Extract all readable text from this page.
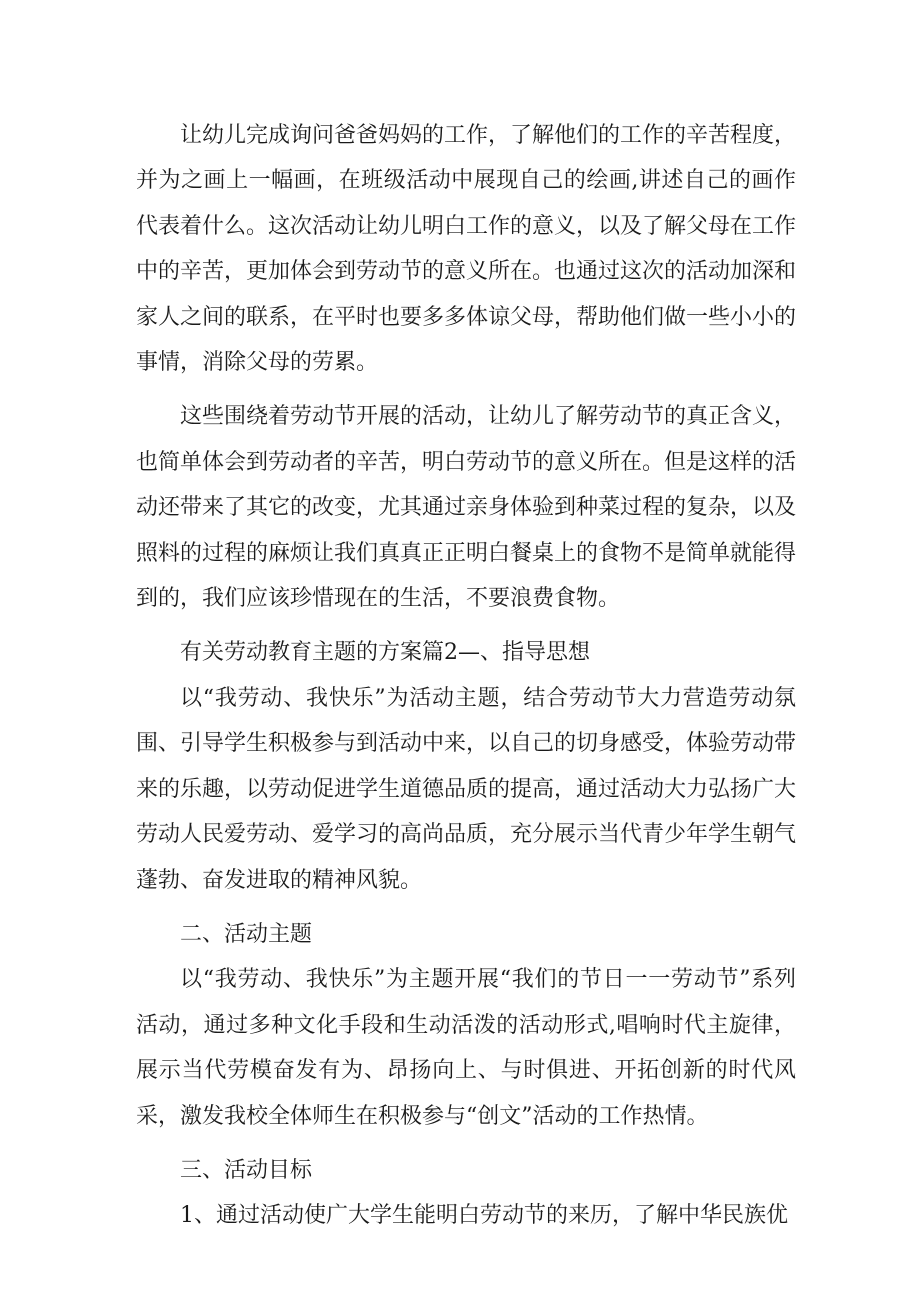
让幼儿完成询问爸爸妈妈的工作，了解他们的工作的辛苦程度，并为之画上一幅画，在班级活动中展现自己的绘画,讲述自己的画作代表着什么。这次活动让幼儿明白工作的意义，以及了解父母在工作中的辛苦，更加体会到劳动节的意义所在。也通过这次的活动加深和家人之间的联系，在平时也要多多体谅父母，帮助他们做一些小小的事情，消除父母的劳累。

这些围绕着劳动节开展的活动，让幼儿了解劳动节的真正含义，也简单体会到劳动者的辛苦，明白劳动节的意义所在。但是这样的活动还带来了其它的改变，尤其通过亲身体验到种菜过程的复杂，以及照料的过程的麻烦让我们真真正正明白餐桌上的食物不是简单就能得到的，我们应该珍惜现在的生活，不要浪费食物。

有关劳动教育主题的方案篇2—、指导思想

以“我劳动、我快乐”为活动主题，结合劳动节大力营造劳动氛围、引导学生积极参与到活动中来，以自己的切身感受，体验劳动带来的乐趣，以劳动促进学生道德品质的提高，通过活动大力弘扬广大劳动人民爱劳动、爱学习的高尚品质，充分展示当代青少年学生朝气蓬勃、奋发进取的精神风貌。

二、活动主题

以“我劳动、我快乐”为主题开展“我们的节日一一劳动节”系列活动，通过多种文化手段和生动活泼的活动形式,唱响时代主旋律，展示当代劳模奋发有为、昂扬向上、与时俱进、开拓创新的时代风采，激发我校全体师生在积极参与“创文”活动的工作热情。

三、活动目标

1、通过活动使广大学生能明白劳动节的来历，了解中华民族优
